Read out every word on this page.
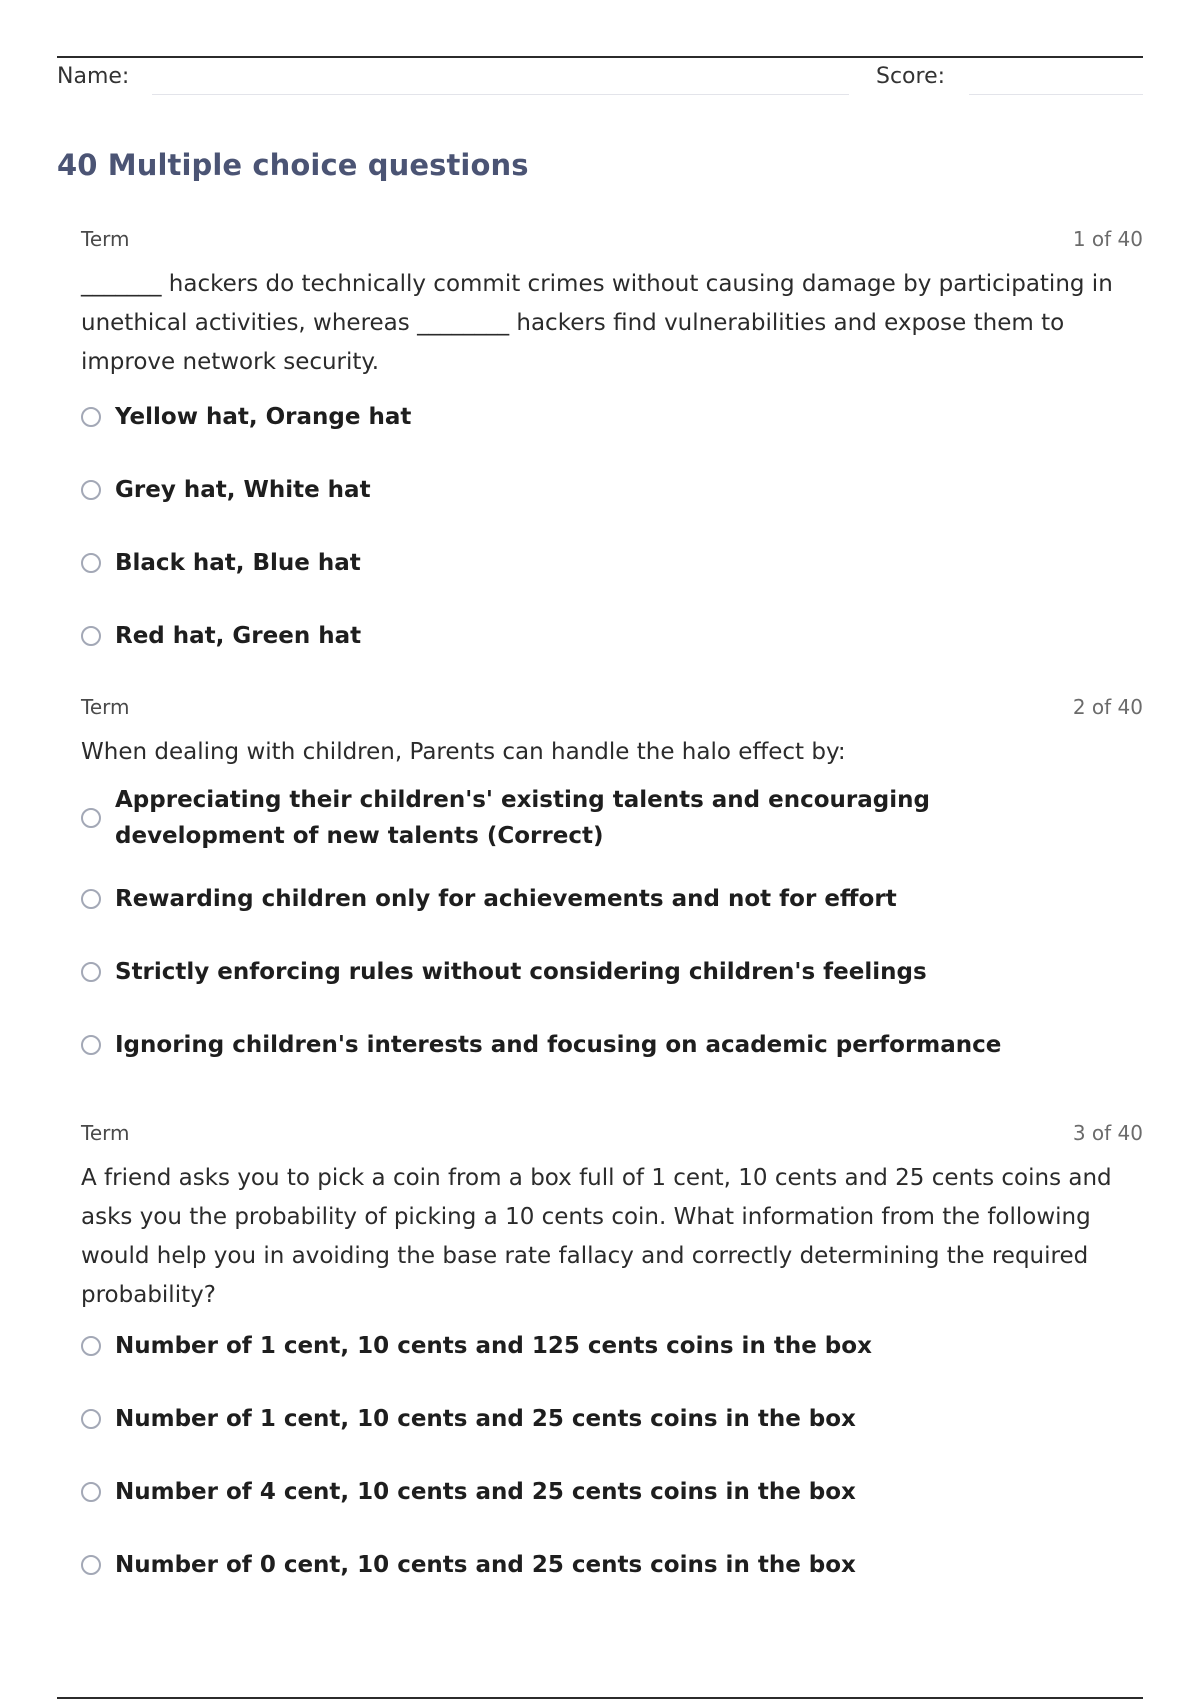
Name:	Score:
40 Multiple choice questions
Term	1 of 40
_______ hackers do technically commit crimes without causing damage by participating in unethical activities, whereas ________ hackers find vulnerabilities and expose them to improve network security.
Yellow hat, Orange hat
Grey hat, White hat
Black hat, Blue hat
Red hat, Green hat
Term	2 of 40
When dealing with children, Parents can handle the halo effect by:
Appreciating their children's' existing talents and encouraging development of new talents (Correct)
Rewarding children only for achievements and not for effort
Strictly enforcing rules without considering children's feelings
Ignoring children's interests and focusing on academic performance
Term	3 of 40
A friend asks you to pick a coin from a box full of 1 cent, 10 cents and 25 cents coins and asks you the probability of picking a 10 cents coin. What information from the following would help you in avoiding the base rate fallacy and correctly determining the required probability?
Number of 1 cent, 10 cents and 125 cents coins in the box
Number of 1 cent, 10 cents and 25 cents coins in the box
Number of 4 cent, 10 cents and 25 cents coins in the box
Number of 0 cent, 10 cents and 25 cents coins in the box
